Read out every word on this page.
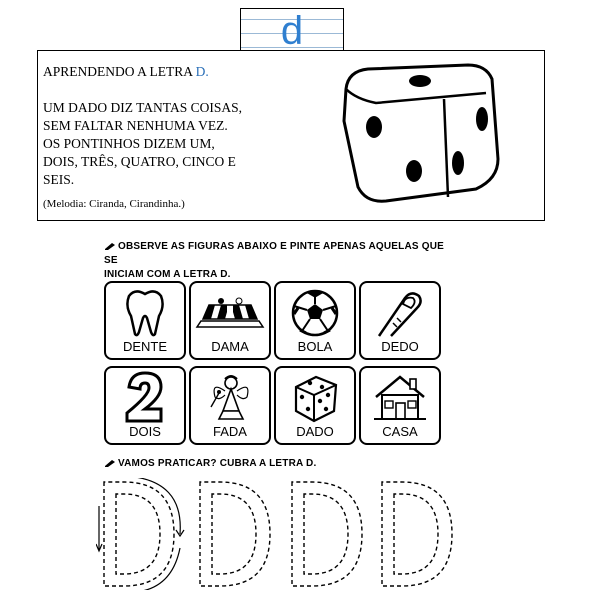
d

APRENDENDO A LETRA D.

UM DADO DIZ TANTAS COISAS,

SEM FALTAR NENHUMA VEZ.

OS PONTINHOS DIZEM UM,

DOIS, TRÊS, QUATRO, CINCO E

SEIS.

(Melodia: Ciranda, Cirandinha.)

OBSERVE AS FIGURAS ABAIXO E PINTE APENAS AQUELAS QUE SE
INICIAM COM A LETRA D.
DENTE	DAMA	BOLA	DEDO
DOIS	FADA	DADO	CASA
VAMOS PRATICAR? CUBRA A LETRA D.
